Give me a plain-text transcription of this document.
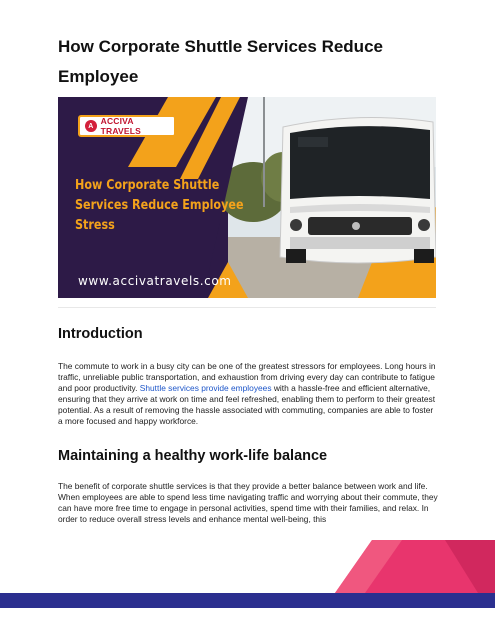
How Corporate Shuttle Services Reduce Employee

A ACCIVA TRAVELS
How Corporate Shuttle
Services Reduce Employee
Stress
www.accivatravels.com
Introduction

The commute to work in a busy city can be one of the greatest stressors for employees. Long hours in traffic, unreliable public transportation, and exhaustion from driving every day can contribute to fatigue and poor productivity. Shuttle services provide employees with a hassle-free and efficient alternative, ensuring that they arrive at work on time and feel refreshed, enabling them to perform to their greatest potential. As a result of removing the hassle associated with commuting, companies are able to foster a more focused and happy workforce.

Maintaining a healthy work-life balance

The benefit of corporate shuttle services is that they provide a better balance between work and life. When employees are able to spend less time navigating traffic and worrying about their commute, they can have more free time to engage in personal activities, spend time with their families, and relax. In order to reduce overall stress levels and enhance mental well-being, this
